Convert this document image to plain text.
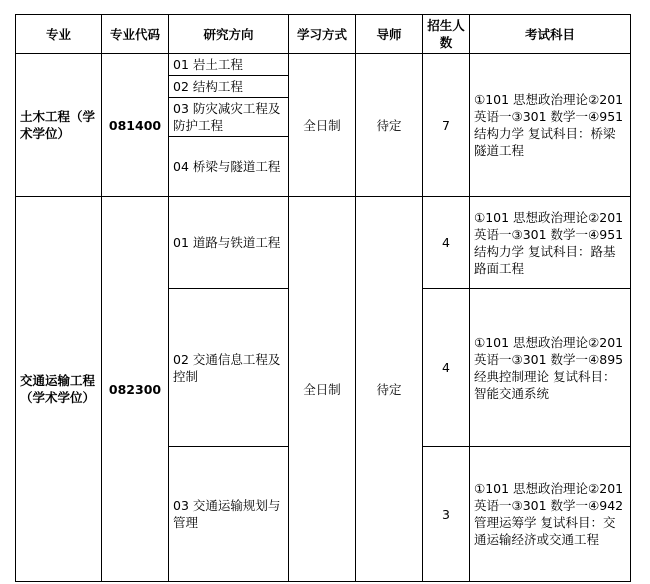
专业	专业代码	研究方向	学习方式	导师	招生人数	考试科目
土木工程（学术学位）	081400	01 岩土工程	全日制	待定	7	①101 思想政治理论②201 英语一③301 数学一④951 结构力学 复试科目：桥梁隧道工程
		02 结构工程				
		03 防灾减灾工程及防护工程				
		04 桥梁与隧道工程				
交通运输工程（学术学位）	082300	01 道路与铁道工程	全日制	待定	4	①101 思想政治理论②201 英语一③301 数学一④951 结构力学 复试科目：路基路面工程
		02 交通信息工程及控制			4	①101 思想政治理论②201 英语一③301 数学一④895 经典控制理论 复试科目：智能交通系统
		03 交通运输规划与管理			3	①101 思想政治理论②201 英语一③301 数学一④942 管理运筹学 复试科目：交通运输经济或交通工程
